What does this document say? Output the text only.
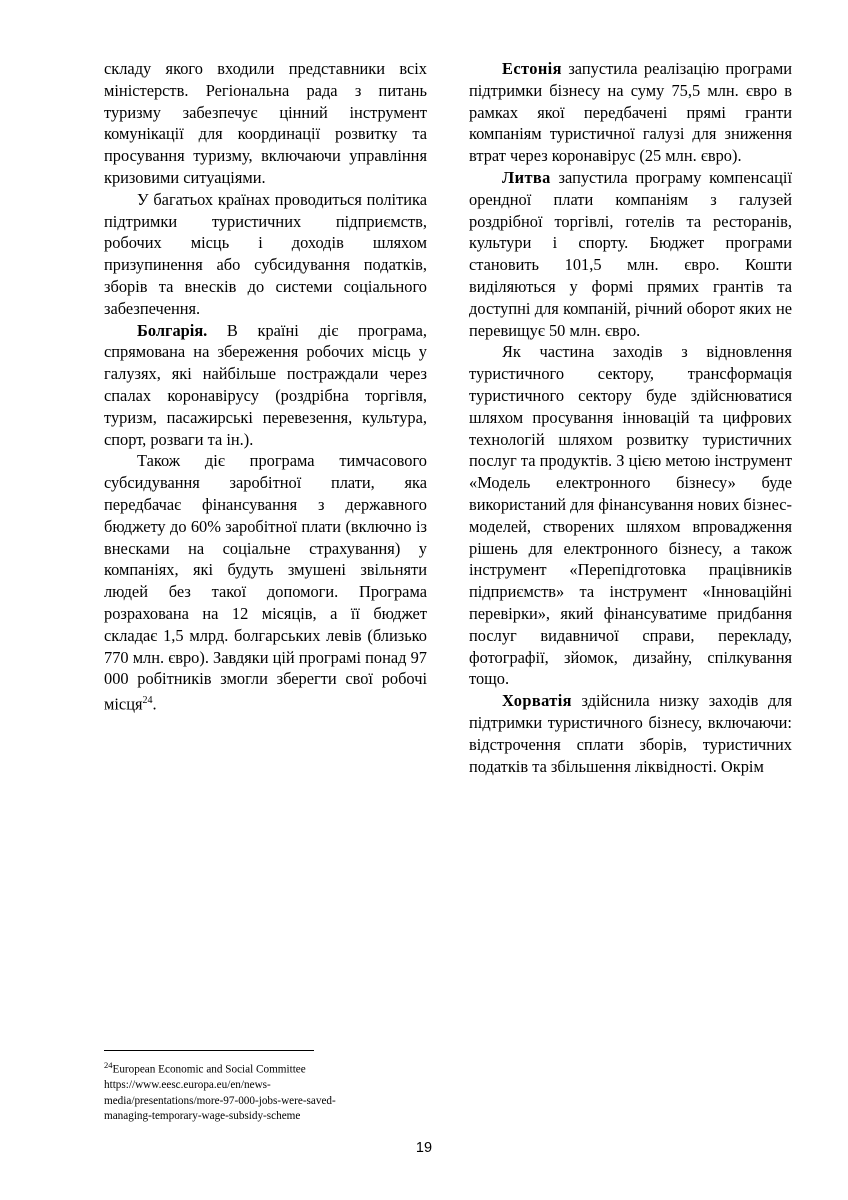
складу якого входили представники всіх міністерств. Регіональна рада з питань туризму забезпечує цінний інструмент комунікації для координації розвитку та просування туризму, включаючи управління кризовими ситуаціями.

У багатьох країнах проводиться політика підтримки туристичних підприємств, робочих місць і доходів шляхом призупинення або субсидування податків, зборів та внесків до системи соціального забезпечення.

Болгарія. В країні діє програма, спрямована на збереження робочих місць у галузях, які найбільше постраждали через спалах коронавірусу (роздрібна торгівля, туризм, пасажирські перевезення, культура, спорт, розваги та ін.).

Також діє програма тимчасового субсидування заробітної плати, яка передбачає фінансування з державного бюджету до 60% заробітної плати (включно із внесками на соціальне страхування) у компаніях, які будуть змушені звільняти людей без такої допомоги. Програма розрахована на 12 місяців, а її бюджет складає 1,5 млрд. болгарських левів (близько 770 млн. євро). Завдяки цій програмі понад 97 000 робітників змогли зберегти свої робочі місця$^{24}$.

Естонія запустила реалізацію програми підтримки бізнесу на суму 75,5 млн. євро в рамках якої передбачені прямі гранти компаніям туристичної галузі для зниження втрат через коронавірус (25 млн. євро).

Литва запустила програму компенсації орендної плати компаніям з галузей роздрібної торгівлі, готелів та ресторанів, культури і спорту. Бюджет програми становить 101,5 млн. євро. Кошти виділяються у формі прямих грантів та доступні для компаній, річний оборот яких не перевищує 50 млн. євро.

Як частина заходів з відновлення туристичного сектору, трансформація туристичного сектору буде здійснюватися шляхом просування інновацій та цифрових технологій шляхом розвитку туристичних послуг та продуктів. З цією метою інструмент «Модель електронного бізнесу» буде використаний для фінансування нових бізнес-моделей, створених шляхом впровадження рішень для електронного бізнесу, а також інструмент «Перепідготовка працівників підприємств» та інструмент «Інноваційні перевірки», який фінансуватиме придбання послуг видавничої справи, перекладу, фотографії, зйомок, дизайну, спілкування тощо.

Хорватія здійснила низку заходів для підтримки туристичного бізнесу, включаючи: відстрочення сплати зборів, туристичних податків та збільшення ліквідності. Окрім

$^{24}$European Economic and Social Committee
https://www.eesc.europa.eu/en/news-
media/presentations/more-97-000-jobs-were-saved-
managing-temporary-wage-subsidy-scheme

19
